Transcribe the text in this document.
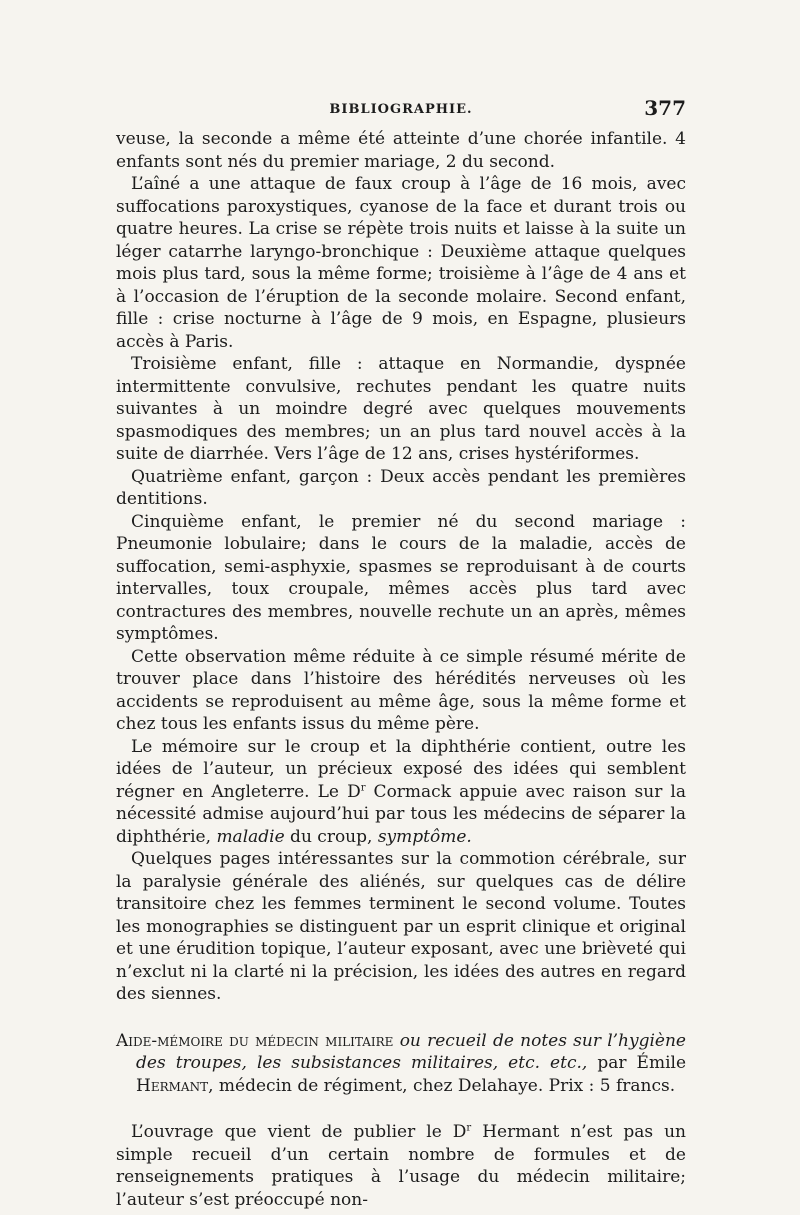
BIBLIOGRAPHIE.	377

veuse, la seconde a même été atteinte d’une chorée infantile. 4 enfants sont nés du premier mariage, 2 du second.

L’aîné a une attaque de faux croup à l’âge de 16 mois, avec suffocations paroxystiques, cyanose de la face et durant trois ou quatre heures. La crise se répète trois nuits et laisse à la suite un léger catarrhe laryngo-bronchique : Deuxième attaque quelques mois plus tard, sous la même forme; troisième à l’âge de 4 ans et à l’occasion de l’éruption de la seconde molaire. Second enfant, fille : crise nocturne à l’âge de 9 mois, en Espagne, plusieurs accès à Paris.

Troisième enfant, fille : attaque en Normandie, dyspnée intermittente convulsive, rechutes pendant les quatre nuits suivantes à un moindre degré avec quelques mouvements spasmodiques des membres; un an plus tard nouvel accès à la suite de diarrhée. Vers l’âge de 12 ans, crises hystériformes.

Quatrième enfant, garçon : Deux accès pendant les premières dentitions.

Cinquième enfant, le premier né du second mariage : Pneumonie lobulaire; dans le cours de la maladie, accès de suffocation, semi-asphyxie, spasmes se reproduisant à de courts intervalles, toux croupale, mêmes accès plus tard avec contractures des membres, nouvelle rechute un an après, mêmes symptômes.

Cette observation même réduite à ce simple résumé mérite de trouver place dans l’histoire des hérédités nerveuses où les accidents se reproduisent au même âge, sous la même forme et chez tous les enfants issus du même père.

Le mémoire sur le croup et la diphthérie contient, outre les idées de l’auteur, un précieux exposé des idées qui semblent régner en Angleterre. Le $D^r$ Cormack appuie avec raison sur la nécessité admise aujourd’hui par tous les médecins de séparer la diphthérie, maladie du croup, symptôme.

Quelques pages intéressantes sur la commotion cérébrale, sur la paralysie générale des aliénés, sur quelques cas de délire transitoire chez les femmes terminent le second volume. Toutes les monographies se distinguent par un esprit clinique et original et une érudition topique, l’auteur exposant, avec une brièveté qui n’exclut ni la clarté ni la précision, les idées des autres en regard des siennes.

Aide-mémoire du médecin militaire ou recueil de notes sur l’hygiène des troupes, les subsistances militaires, etc. etc., par Émile Hermant, médecin de régiment, chez Delahaye. Prix : 5 francs.

L’ouvrage que vient de publier le $D^r$ Hermant n’est pas un simple recueil d’un certain nombre de formules et de renseignements pratiques à l’usage du médecin militaire; l’auteur s’est préoccupé non-
